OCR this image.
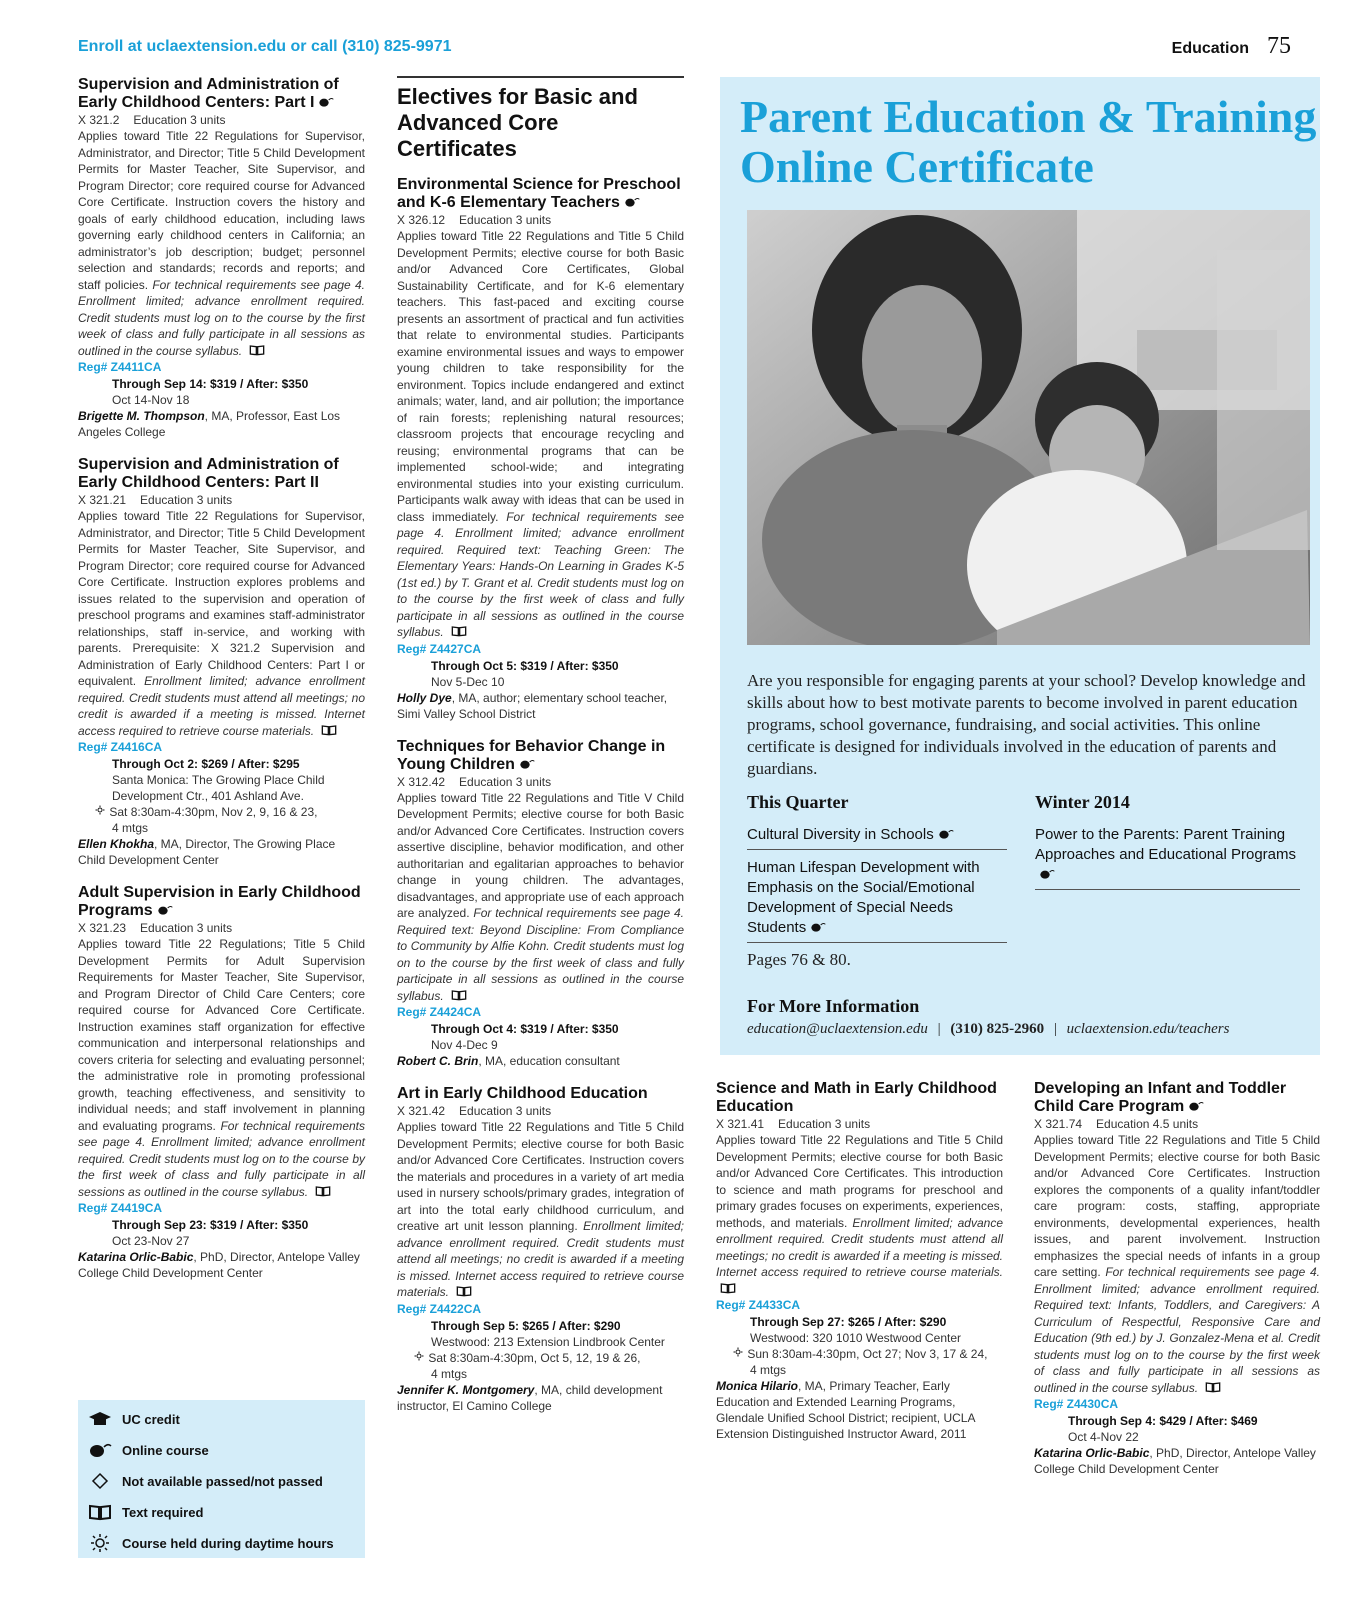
Enroll at uclaextension.edu or call (310) 825-9971	Education 75
Supervision and Administration of Early Childhood Centers: Part I
X 321.2 Education 3 units
Applies toward Title 22 Regulations for Supervisor, Administrator, and Director; Title 5 Child Development Permits for Master Teacher, Site Supervisor, and Program Director; core required course for Advanced Core Certificate. Instruction covers the history and goals of early childhood education, including laws governing early childhood centers in California; an administrator’s job description; budget; personnel selection and standards; records and reports; and staff policies. For technical requirements see page 4. Enrollment limited; advance enrollment required. Credit students must log on to the course by the first week of class and fully participate in all sessions as outlined in the course syllabus.
Reg# Z4411CA
Through Sep 14: $319 / After: $350
Oct 14-Nov 18
Brigette M. Thompson, MA, Professor, East Los Angeles College
Supervision and Administration of Early Childhood Centers: Part II
X 321.21 Education 3 units
Applies toward Title 22 Regulations for Supervisor, Administrator, and Director; Title 5 Child Development Permits for Master Teacher, Site Supervisor, and Program Director; core required course for Advanced Core Certificate. Instruction explores problems and issues related to the supervision and operation of preschool programs and examines staff-administrator relationships, staff in-service, and working with parents. Prerequisite: X 321.2 Supervision and Administration of Early Childhood Centers: Part I or equivalent. Enrollment limited; advance enrollment required. Credit students must attend all meetings; no credit is awarded if a meeting is missed. Internet access required to retrieve course materials.
Reg# Z4416CA
Through Oct 2: $269 / After: $295
Santa Monica: The Growing Place Child Development Ctr., 401 Ashland Ave.
Sat 8:30am-4:30pm, Nov 2, 9, 16 & 23,
4 mtgs
Ellen Khokha, MA, Director, The Growing Place Child Development Center
Adult Supervision in Early Childhood Programs
X 321.23 Education 3 units
Applies toward Title 22 Regulations; Title 5 Child Development Permits for Adult Supervision Requirements for Master Teacher, Site Supervisor, and Program Director of Child Care Centers; core required course for Advanced Core Certificate. Instruction examines staff organization for effective communication and interpersonal relationships and covers criteria for selecting and evaluating personnel; the administrative role in promoting professional growth, teaching effectiveness, and sensitivity to individual needs; and staff involvement in planning and evaluating programs. For technical requirements see page 4. Enrollment limited; advance enrollment required. Credit students must log on to the course by the first week of class and fully participate in all sessions as outlined in the course syllabus.
Reg# Z4419CA
Through Sep 23: $319 / After: $350
Oct 23-Nov 27
Katarina Orlic-Babic, PhD, Director, Antelope Valley College Child Development Center
Electives for Basic and Advanced Core Certificates
Environmental Science for Preschool and K-6 Elementary Teachers
X 326.12 Education 3 units
Applies toward Title 22 Regulations and Title 5 Child Development Permits; elective course for both Basic and/or Advanced Core Certificates, Global Sustainability Certificate, and for K-6 elementary teachers. This fast-paced and exciting course presents an assortment of practical and fun activities that relate to environmental studies. Participants examine environmental issues and ways to empower young children to take responsibility for the environment. Topics include endangered and extinct animals; water, land, and air pollution; the importance of rain forests; replenishing natural resources; classroom projects that encourage recycling and reusing; environmental programs that can be implemented school-wide; and integrating environmental studies into your existing curriculum. Participants walk away with ideas that can be used in class immediately. For technical requirements see page 4. Enrollment limited; advance enrollment required. Required text: Teaching Green: The Elementary Years: Hands-On Learning in Grades K-5 (1st ed.) by T. Grant et al. Credit students must log on to the course by the first week of class and fully participate in all sessions as outlined in the course syllabus.
Reg# Z4427CA
Through Oct 5: $319 / After: $350
Nov 5-Dec 10
Holly Dye, MA, author; elementary school teacher, Simi Valley School District
Techniques for Behavior Change in Young Children
X 312.42 Education 3 units
Applies toward Title 22 Regulations and Title V Child Development Permits; elective course for both Basic and/or Advanced Core Certificates. Instruction covers assertive discipline, behavior modification, and other authoritarian and egalitarian approaches to behavior change in young children. The advantages, disadvantages, and appropriate use of each approach are analyzed. For technical requirements see page 4. Required text: Beyond Discipline: From Compliance to Community by Alfie Kohn. Credit students must log on to the course by the first week of class and fully participate in all sessions as outlined in the course syllabus.
Reg# Z4424CA
Through Oct 4: $319 / After: $350
Nov 4-Dec 9
Robert C. Brin, MA, education consultant
Art in Early Childhood Education
X 321.42 Education 3 units
Applies toward Title 22 Regulations and Title 5 Child Development Permits; elective course for both Basic and/or Advanced Core Certificates. Instruction covers the materials and procedures in a variety of art media used in nursery schools/primary grades, integration of art into the total early childhood curriculum, and creative art unit lesson planning. Enrollment limited; advance enrollment required. Credit students must attend all meetings; no credit is awarded if a meeting is missed. Internet access required to retrieve course materials.
Reg# Z4422CA
Through Sep 5: $265 / After: $290
Westwood: 213 Extension Lindbrook Center
Sat 8:30am-4:30pm, Oct 5, 12, 19 & 26,
4 mtgs
Jennifer K. Montgomery, MA, child development instructor, El Camino College
Parent Education & Training
Online Certificate
Are you responsible for engaging parents at your school? Develop knowledge and skills about how to best motivate parents to become involved in parent education programs, school governance, fundraising, and social activities. This online certificate is designed for individuals involved in the education of parents and guardians.
This Quarter
Cultural Diversity in Schools
Human Lifespan Development with Emphasis on the Social/Emotional Development of Special Needs Students
Pages 76 & 80.
Winter 2014
Power to the Parents: Parent Training Approaches and Educational Programs
For More Information
education@uclaextension.edu | (310) 825-2960 | uclaextension.edu/teachers
Science and Math in Early Childhood Education
X 321.41 Education 3 units
Applies toward Title 22 Regulations and Title 5 Child Development Permits; elective course for both Basic and/or Advanced Core Certificates. This introduction to science and math programs for preschool and primary grades focuses on experiments, experiences, methods, and materials. Enrollment limited; advance enrollment required. Credit students must attend all meetings; no credit is awarded if a meeting is missed. Internet access required to retrieve course materials.
Reg# Z4433CA
Through Sep 27: $265 / After: $290
Westwood: 320 1010 Westwood Center
Sun 8:30am-4:30pm, Oct 27; Nov 3, 17 & 24,
4 mtgs
Monica Hilario, MA, Primary Teacher, Early Education and Extended Learning Programs, Glendale Unified School District; recipient, UCLA Extension Distinguished Instructor Award, 2011
Developing an Infant and Toddler Child Care Program
X 321.74 Education 4.5 units
Applies toward Title 22 Regulations and Title 5 Child Development Permits; elective course for both Basic and/or Advanced Core Certificates. Instruction explores the components of a quality infant/toddler care program: costs, staffing, appropriate environments, developmental experiences, health issues, and parent involvement. Instruction emphasizes the special needs of infants in a group care setting. For technical requirements see page 4. Enrollment limited; advance enrollment required. Required text: Infants, Toddlers, and Caregivers: A Curriculum of Respectful, Responsive Care and Education (9th ed.) by J. Gonzalez-Mena et al. Credit students must log on to the course by the first week of class and fully participate in all sessions as outlined in the course syllabus.
Reg# Z4430CA
Through Sep 4: $429 / After: $469
Oct 4-Nov 22
Katarina Orlic-Babic, PhD, Director, Antelope Valley College Child Development Center
UC credit
Online course
Not available passed/not passed
Text required
Course held during daytime hours
